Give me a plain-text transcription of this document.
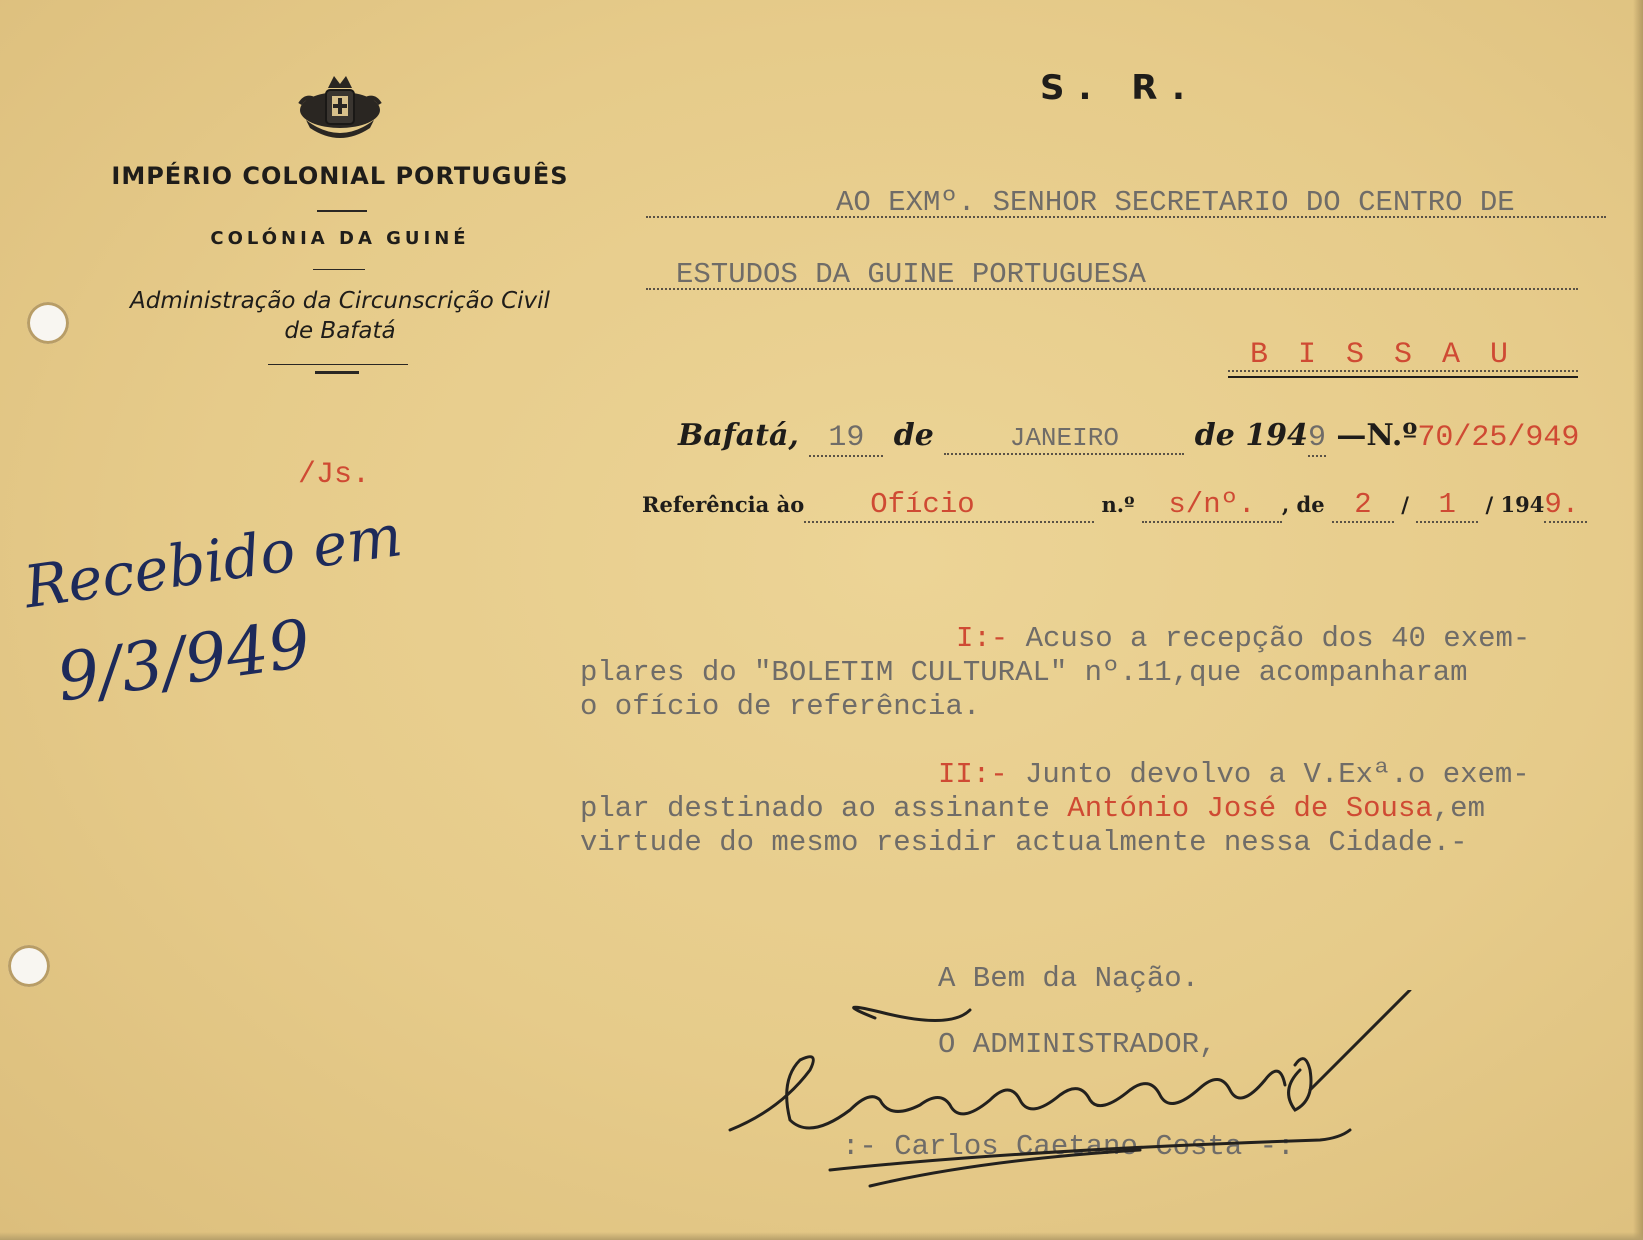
IMPÉRIO COLONIAL PORTUGUÊS
COLÓNIA DA GUINÉ
Administração da Circunscrição Civil
de Bafatá
S. R.
/Js.
AO EXMº. SENHOR SECRETARIO DO CENTRO DE
ESTUDOS DA GUINE PORTUGUESA
B I S S A U
Bafatá, 19 de	JANEIRO	de 1949 —N.º70/25/949
Referência ào Ofício	n.º s/nº. , de 2 / 1 / 1949.
Recebido em
9/3/949	I:- Acuso a recepção dos 40 exem-
plares do "BOLETIM CULTURAL" nº.11,que acompanharam
o ofício de referência.
II:- Junto devolvo a V.Exª.o exem-
plar destinado ao assinante António José de Sousa,em
virtude do mesmo residir actualmente nessa Cidade.-
A Bem da Nação.
O ADMINISTRADOR,
:- Carlos Caetano Costa -:
